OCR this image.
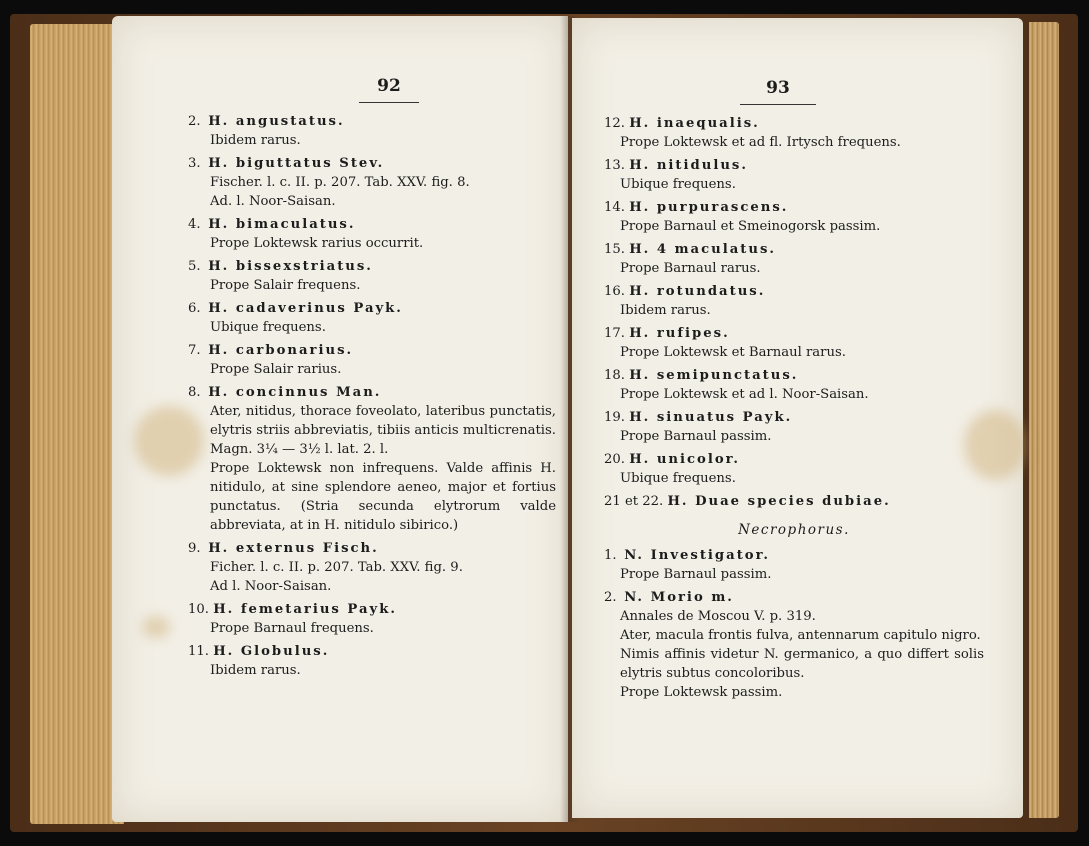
92
2. H. angustatus.
Ibidem rarus.
3. H. biguttatus Stev.
Fischer. l. c. II. p. 207. Tab. XXV. fig. 8.
Ad. l. Noor-Saisan.
4. H. bimaculatus.
Prope Loktewsk rarius occurrit.
5. H. bissexstriatus.
Prope Salair frequens.
6. H. cadaverinus Payk.
Ubique frequens.
7. H. carbonarius.
Prope Salair rarius.
8. H. concinnus Man.
Ater, nitidus, thorace foveolato, lateribus punctatis, elytris striis abbreviatis, tibiis anticis multicrenatis.
Magn. 3¼ — 3½ l. lat. 2. l.
Prope Loktewsk non infrequens. Valde affinis H. nitidulo, at sine splendore aeneo, major et fortius punctatus. (Stria secunda elytrorum valde abbreviata, at in H. nitidulo sibirico.)
9. H. externus Fisch.
Ficher. l. c. II. p. 207. Tab. XXV. fig. 9.
Ad l. Noor-Saisan.
10. H. femetarius Payk.
Prope Barnaul frequens.
11. H. Globulus.
Ibidem rarus.
93
12. H. inaequalis.
Prope Loktewsk et ad fl. Irtysch frequens.
13. H. nitidulus.
Ubique frequens.
14. H. purpurascens.
Prope Barnaul et Smeinogorsk passim.
15. H. 4 maculatus.
Prope Barnaul rarus.
16. H. rotundatus.
Ibidem rarus.
17. H. rufipes.
Prope Loktewsk et Barnaul rarus.
18. H. semipunctatus.
Prope Loktewsk et ad l. Noor-Saisan.
19. H. sinuatus Payk.
Prope Barnaul passim.
20. H. unicolor.
Ubique frequens.
21 et 22. H. Duae species dubiae.
Necrophorus.
1. N. Investigator.
Prope Barnaul passim.
2. N. Morio m.
Annales de Moscou V. p. 319.
Ater, macula frontis fulva, antennarum capitulo nigro.
Nimis affinis videtur N. germanico, a quo differt solis elytris subtus concoloribus.
Prope Loktewsk passim.
